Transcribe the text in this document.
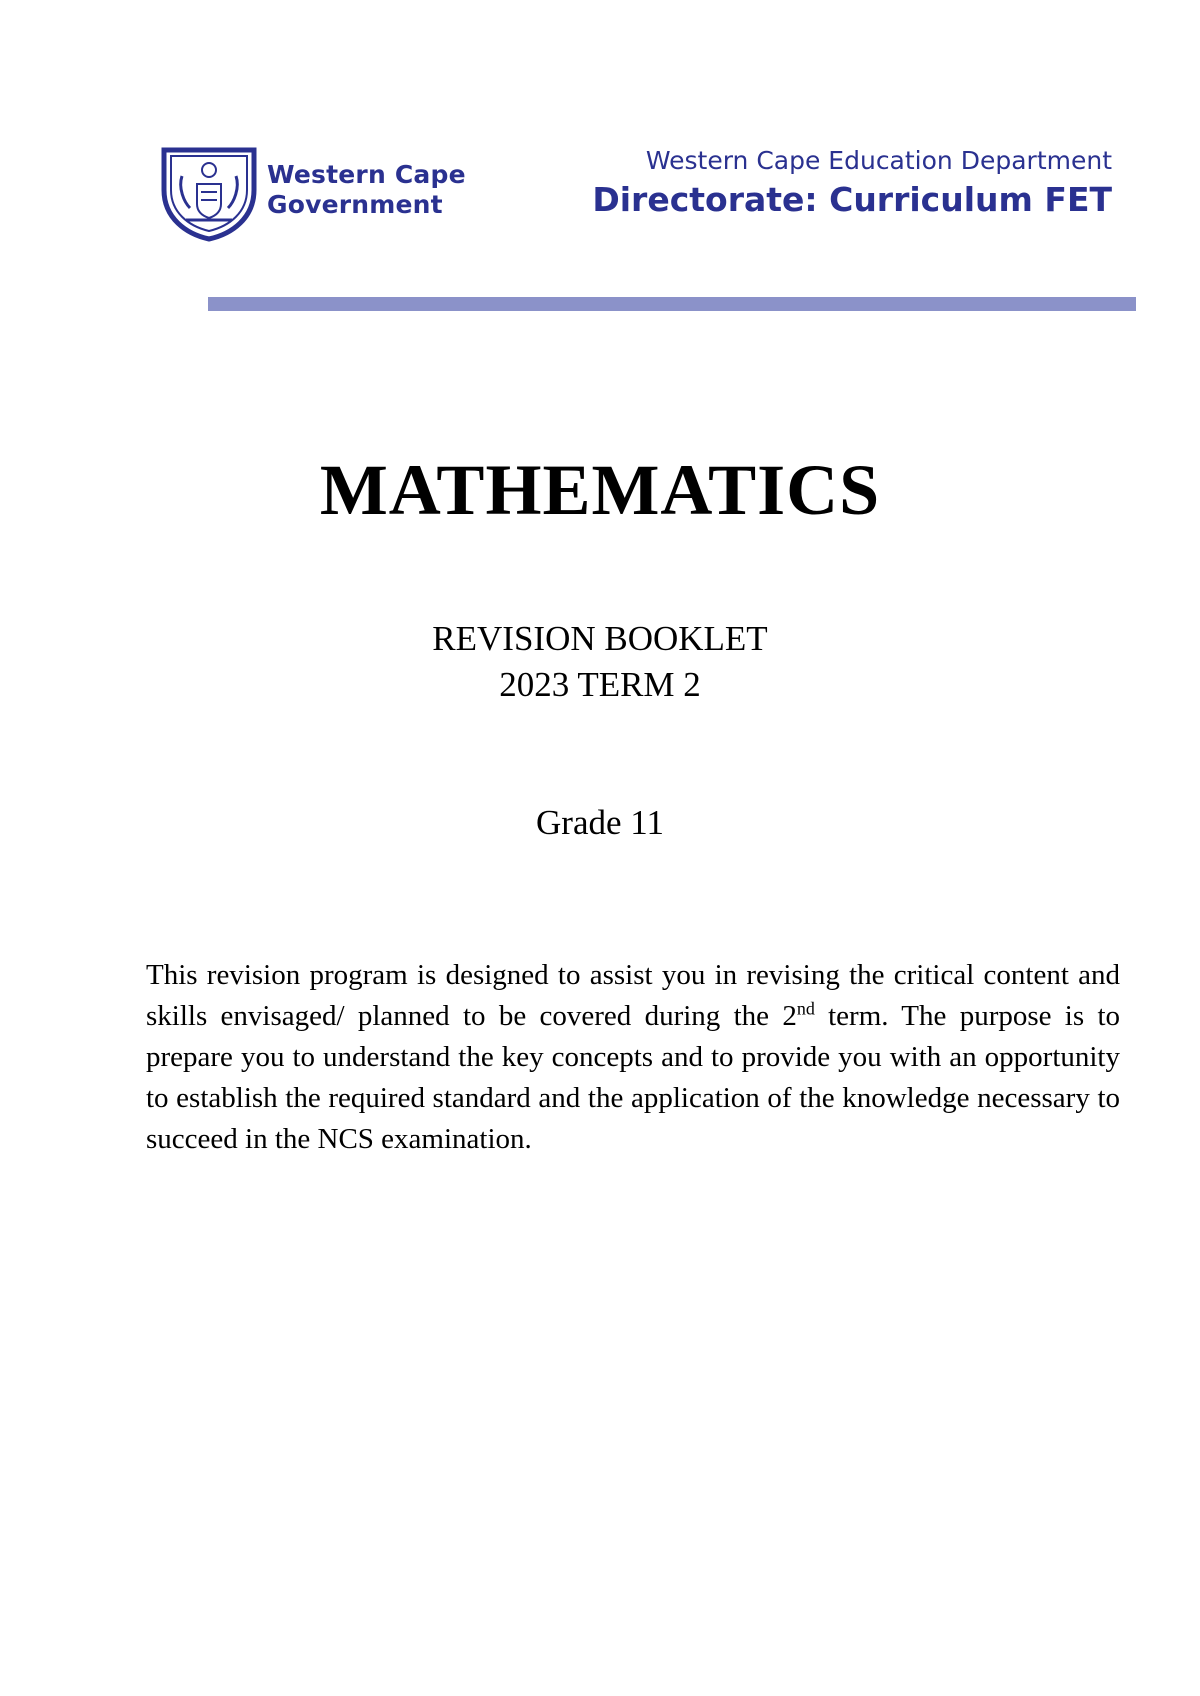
Western Cape
Government
Western Cape Education Department
Directorate: Curriculum FET
MATHEMATICS
REVISION BOOKLET
2023 TERM 2
Grade 11
This revision program is designed to assist you in revising the critical content and skills envisaged/ planned to be covered during the 2nd term. The purpose is to prepare you to understand the key concepts and to provide you with an opportunity to establish the required standard and the application of the knowledge necessary to succeed in the NCS examination.
